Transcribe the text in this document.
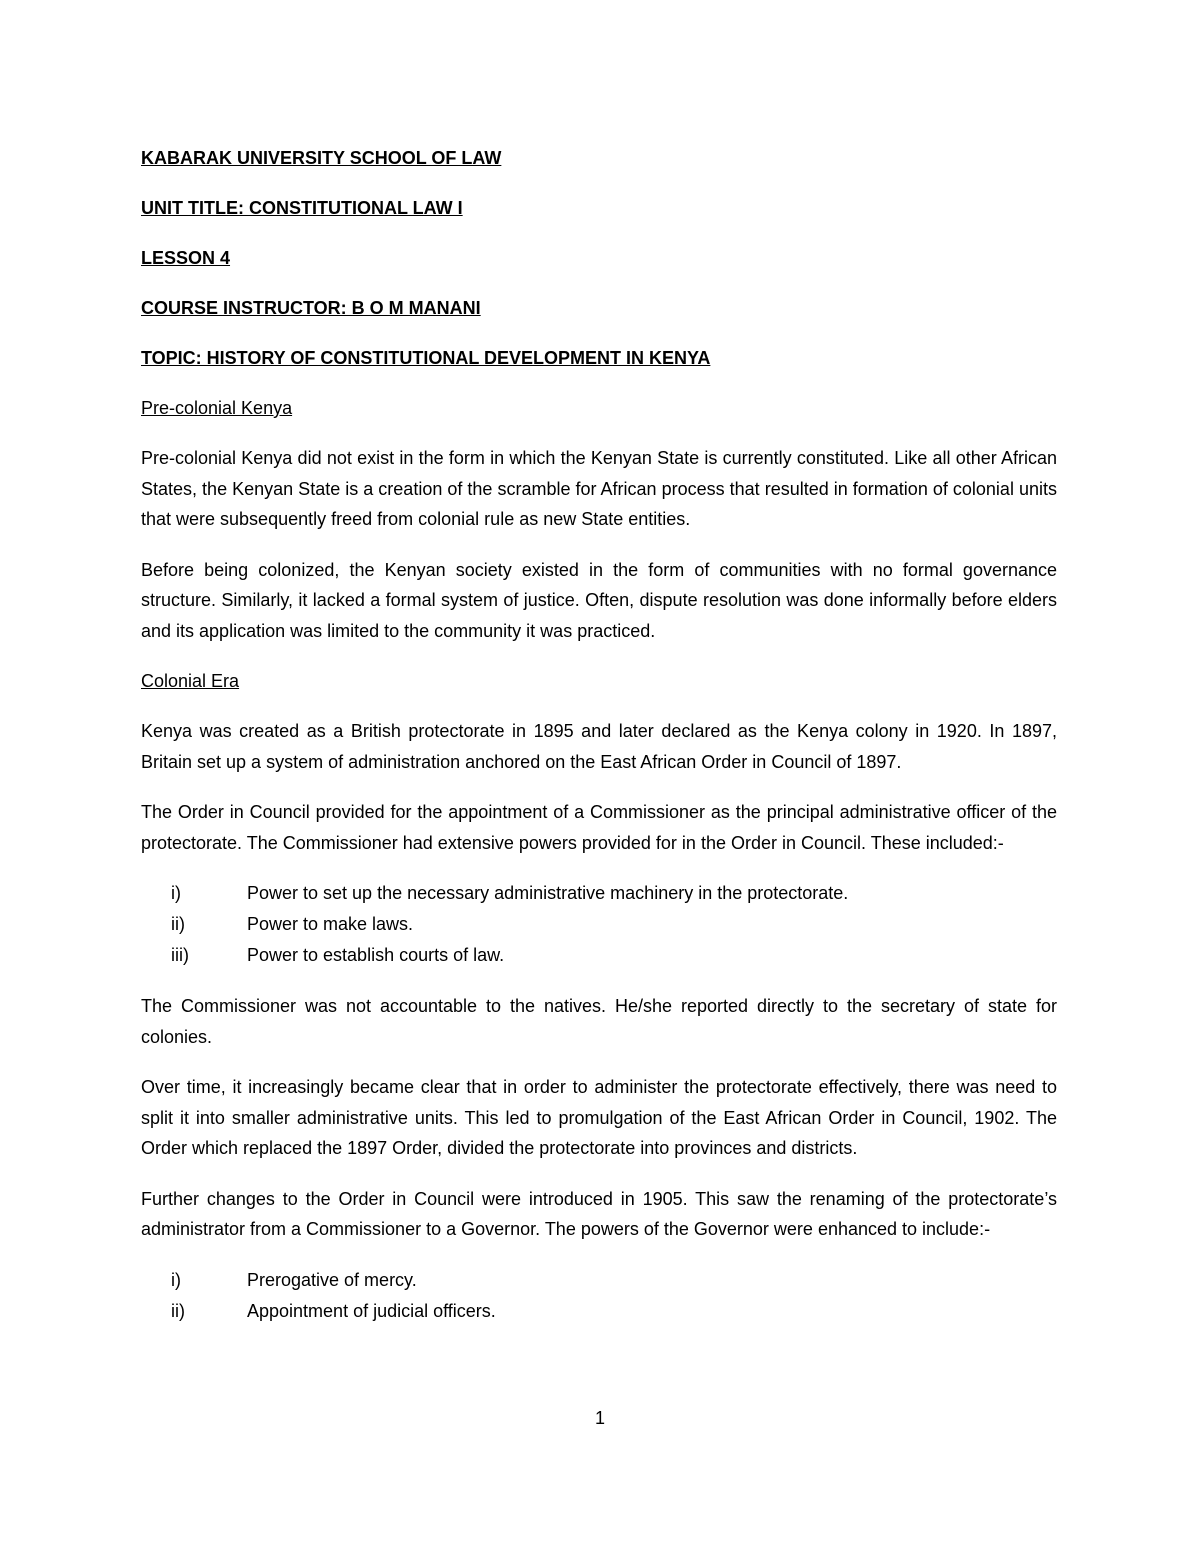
KABARAK UNIVERSITY SCHOOL OF LAW
UNIT TITLE: CONSTITUTIONAL LAW I
LESSON 4
COURSE INSTRUCTOR: B O M MANANI
TOPIC: HISTORY OF CONSTITUTIONAL DEVELOPMENT IN KENYA
Pre-colonial Kenya

Pre-colonial Kenya did not exist in the form in which the Kenyan State is currently constituted. Like all other African States, the Kenyan State is a creation of the scramble for African process that resulted in formation of colonial units that were subsequently freed from colonial rule as new State entities.

Before being colonized, the Kenyan society existed in the form of communities with no formal governance structure. Similarly, it lacked a formal system of justice. Often, dispute resolution was done informally before elders and its application was limited to the community it was practiced.

Colonial Era

Kenya was created as a British protectorate in 1895 and later declared as the Kenya colony in 1920. In 1897, Britain set up a system of administration anchored on the East African Order in Council of 1897.

The Order in Council provided for the appointment of a Commissioner as the principal administrative officer of the protectorate. The Commissioner had extensive powers provided for in the Order in Council. These included:-

i)	Power to set up the necessary administrative machinery in the protectorate.
ii)	Power to make laws.
iii)	Power to establish courts of law.

The Commissioner was not accountable to the natives. He/she reported directly to the secretary of state for colonies.

Over time, it increasingly became clear that in order to administer the protectorate effectively, there was need to split it into smaller administrative units. This led to promulgation of the East African Order in Council, 1902. The Order which replaced the 1897 Order, divided the protectorate into provinces and districts.

Further changes to the Order in Council were introduced in 1905. This saw the renaming of the protectorate’s administrator from a Commissioner to a Governor. The powers of the Governor were enhanced to include:-

i)	Prerogative of mercy.
ii)	Appointment of judicial officers.
1
